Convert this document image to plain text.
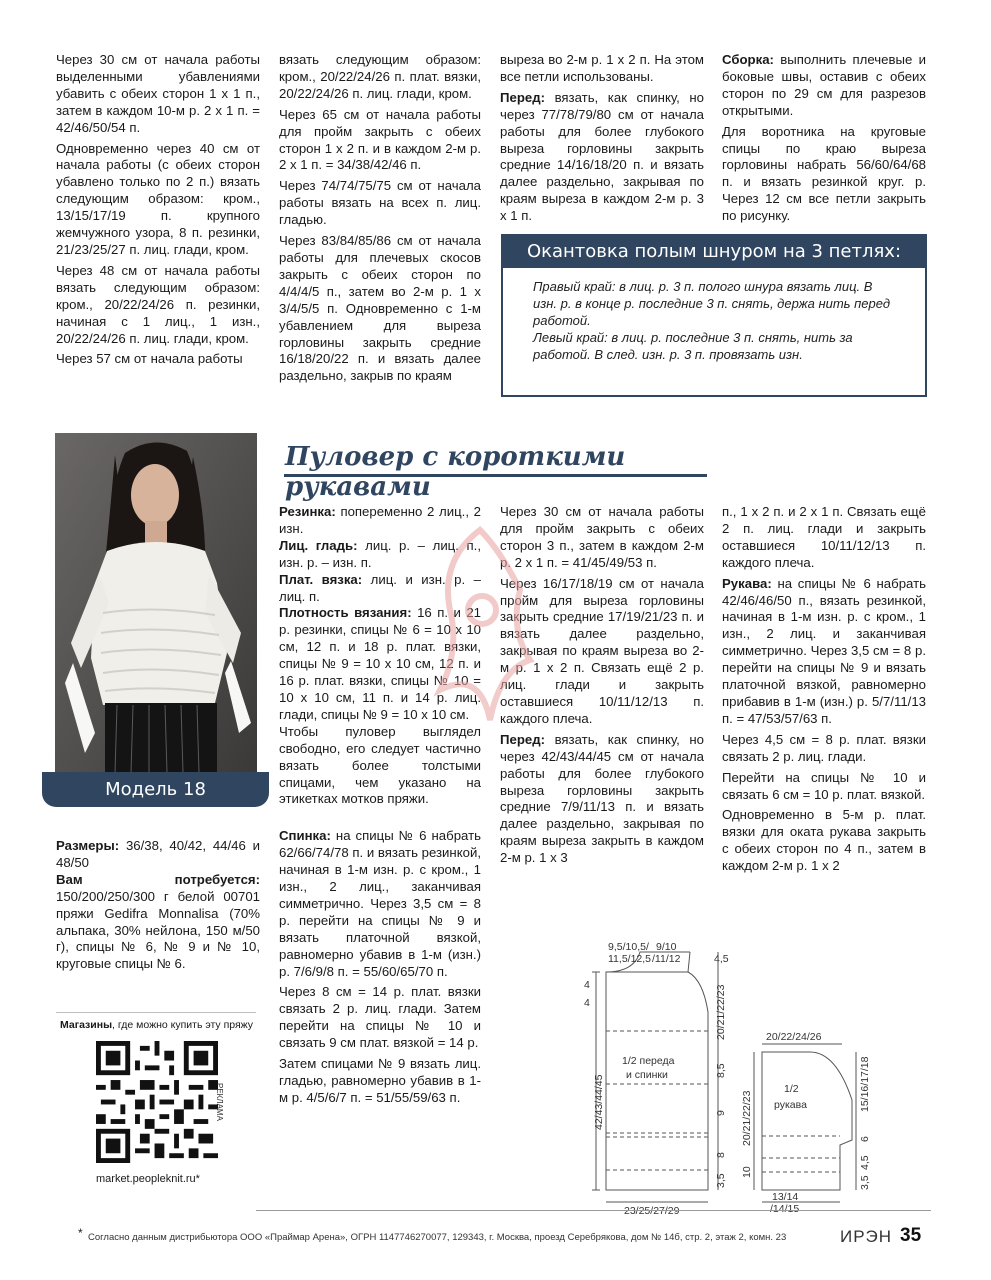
Через 30 см от начала работы выделенными убавлениями убавить с обеих сторон 1 х 1 п., затем в каждом 10-м р. 2 х 1 п. = 42/46/50/54 п.

Одновременно через 40 см от начала работы (с обеих сторон убавлено только по 2 п.) вязать следующим образом: кром., 13/15/17/19 п. крупного жемчужного узора, 8 п. резинки, 21/23/25/27 п. лиц. глади, кром.

Через 48 см от начала работы вязать следующим образом: кром., 20/22/24/26 п. резинки, начиная с 1 лиц., 1 изн., 20/22/24/26 п. лиц. глади, кром.

Через 57 см от начала работы

вязать следующим образом: кром., 20/22/24/26 п. плат. вязки, 20/22/24/26 п. лиц. глади, кром.

Через 65 см от начала работы для пройм закрыть с обеих сторон 1 х 2 п. и в каждом 2-м р. 2 х 1 п. = 34/38/42/46 п.

Через 74/74/75/75 см от начала работы вязать на всех п. лиц. гладью.

Через 83/84/85/86 см от начала работы для плечевых скосов закрыть с обеих сторон по 4/4/4/5 п., затем во 2-м р. 1 х 3/4/5/5 п. Одновременно с 1-м убавлением для выреза горловины закрыть средние 16/18/20/22 п. и вязать далее раздельно, закрыв по краям

выреза во 2-м р. 1 х 2 п. На этом все петли использованы.

Перед: вязать, как спинку, но через 77/78/79/80 см от начала работы для более глубокого выреза горловины закрыть средние 14/16/18/20 п. и вязать далее раздельно, закрывая по краям выреза в каждом 2-м р. 3 х 1 п.

Сборка: выполнить плечевые и боковые швы, оставив с обеих сторон по 29 см для разрезов открытыми.

Для воротника на круговые спицы по краю выреза горловины набрать 56/60/64/68 п. и вязать резинкой круг. р. Через 12 см все петли закрыть по рисунку.

Окантовка полым шнуром на 3 петлях:
Правый край: в лиц. р. 3 п. полого шнура вязать лиц. В изн. р. в конце р. последние 3 п. снять, держа нить перед работой.
Левый край: в лиц. р. последние 3 п. снять, нить за работой. В след. изн. р. 3 п. провязать изн.
Модель 18
Пуловер с короткими рукавами

Размеры: 36/38, 40/42, 44/46 и 48/50

Вам потребуется: 150/200/250/300 г белой 00701 пряжи Gedifra Monnalisa (70% альпака, 30% нейлона, 150 м/50 г), спицы № 6, № 9 и № 10, круговые спицы № 6.

Магазины, где можно купить эту пряжу
РЕКЛАМА
market.peopleknit.ru*

Резинка: попеременно 2 лиц., 2 изн.

Лиц. гладь: лиц. р. – лиц. п., изн. р. – изн. п.

Плат. вязка: лиц. и изн. р. – лиц. п.

Плотность вязания: 16 п. и 21 р. резинки, спицы № 6 = 10 х 10 см, 12 п. и 18 р. плат. вязки, спицы № 9 = 10 х 10 см, 12 п. и 16 р. плат. вязки, спицы № 10 = 10 х 10 см, 11 п. и 14 р. лиц. глади, спицы № 9 = 10 х 10 см.

Чтобы пуловер выглядел свободно, его следует частично вязать более толстыми спицами, чем указано на этикетках мотков пряжи.

Спинка: на спицы № 6 набрать 62/66/74/78 п. и вязать резинкой, начиная в 1-м изн. р. с кром., 1 изн., 2 лиц., заканчивая симметрично. Через 3,5 см = 8 р. перейти на спицы № 9 и вязать платочной вязкой, равномерно убавив в 1-м (изн.) р. 7/6/9/8 п. = 55/60/65/70 п.

Через 8 см = 14 р. плат. вязки связать 2 р. лиц. глади. Затем перейти на спицы № 10 и связать 9 см плат. вязкой = 14 р.

Затем спицами № 9 вязать лиц. гладью, равномерно убавив в 1-м р. 4/5/6/7 п. = 51/55/59/63 п.

Через 30 см от начала работы для пройм закрыть с обеих сторон 3 п., затем в каждом 2-м р. 2 х 1 п. = 41/45/49/53 п.

Через 16/17/18/19 см от начала пройм для выреза горловины закрыть средние 17/19/21/23 п. и вязать далее раздельно, закрывая по краям выреза во 2-м р. 1 х 2 п. Связать ещё 2 р. лиц. глади и закрыть оставшиеся 10/11/12/13 п. каждого плеча.

Перед: вязать, как спинку, но через 42/43/44/45 см от начала работы для более глубокого выреза горловины закрыть средние 7/9/11/13 п. и вязать далее раздельно, закрывая по краям выреза закрыть в каждом 2-м р. 1 х 3

п., 1 х 2 п. и 2 х 1 п. Связать ещё 2 п. лиц. глади и закрыть оставшиеся 10/11/12/13 п. каждого плеча.

Рукава: на спицы № 6 набрать 42/46/46/50 п., вязать резинкой, начиная в 1-м изн. р. с кром., 1 изн., 2 лиц. и заканчивая симметрично. Через 3,5 см = 8 р. перейти на спицы № 9 и вязать платочной вязкой, равномерно прибавив в 1-м (изн.) р. 5/7/11/13 п. = 47/53/57/63 п.

Через 4,5 см = 8 р. плат. вязки связать 2 р. лиц. глади.

Перейти на спицы № 10 и связать 6 см = 10 р. плат. вязкой.

Одновременно в 5-м р. плат. вязки для оката рукава закрыть с обеих сторон по 4 п., затем в каждом 2-м р. 1 х 2

9,5/10,5/
11,5/12,5
9/10
/11/12	4,5
4
4
42/43/44/45
20/21/22/23
8,5
9
8
3,5
1/2 переда
и спинки
23/25/27/29
20/22/24/26
20/21/22/23
10
15/16/17/18
6
4,5
3,5
1/2
рукава
13/14
/14/15
* Согласно данным дистрибьютора ООО «Праймар Арена», ОГРН 1147746270077, 129343, г. Москва, проезд Серебрякова, дом № 14б, стр. 2, этаж 2, комн. 23	ИРЭН 35
